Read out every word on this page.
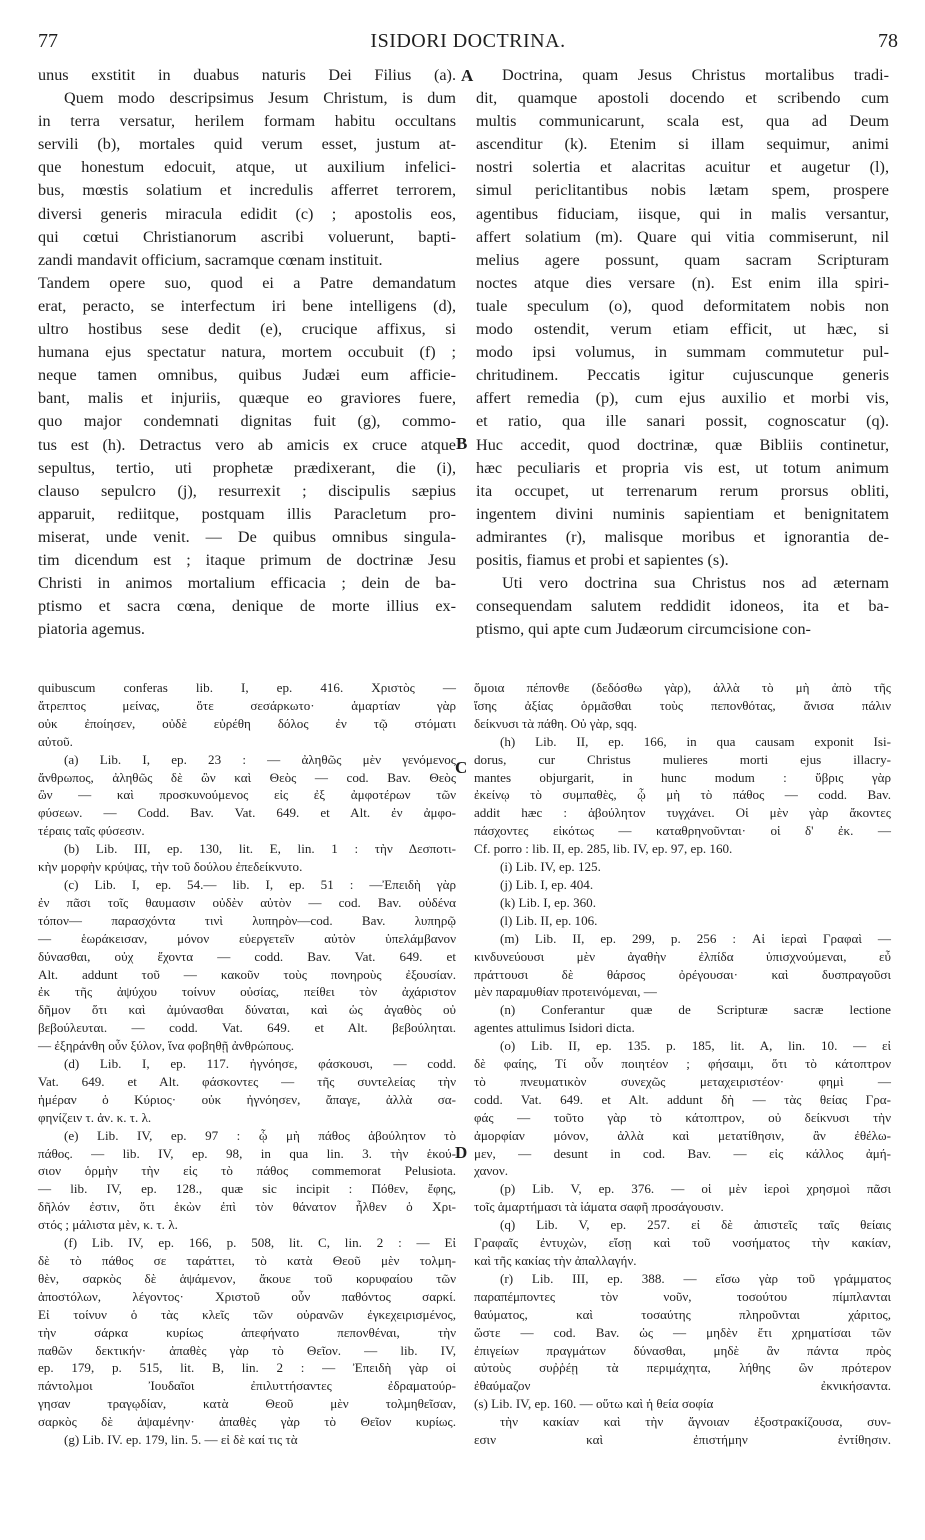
77	ISIDORI DOCTRINA.	78
A
B
C
D
unus exstitit in duabus naturis Dei Filius (a).
Quem modo descripsimus Jesum Christum, is dum
in terra versatur, herilem formam habitu occultans
servili (b), mortales quid verum esset, justum at-
que honestum edocuit, atque, ut auxilium infelici-
bus, mœstis solatium et incredulis afferret terrorem,
diversi generis miracula edidit (c) ; apostolis eos,
qui cœtui Christianorum ascribi voluerunt, bapti-
zandi mandavit officium, sacramque cœnam instituit.
Tandem opere suo, quod ei a Patre demandatum
erat, peracto, se interfectum iri bene intelligens (d),
ultro hostibus sese dedit (e), crucique affixus, si
humana ejus spectatur natura, mortem occubuit (f) ;
neque tamen omnibus, quibus Judæi eum afficie-
bant, malis et injuriis, quæque eo graviores fuere,
quo major condemnati dignitas fuit (g), commo-
tus est (h). Detractus vero ab amicis ex cruce atque
sepultus, tertio, uti prophetæ prædixerant, die (i),
clauso sepulcro (j), resurrexit ; discipulis sæpius
apparuit, rediitque, postquam illis Paracletum pro-
miserat, unde venit. — De quibus omnibus singula-
tim dicendum est ; itaque primum de doctrinæ Jesu
Christi in animos mortalium efficacia ; dein de ba-
ptismo et sacra cœna, denique de morte illius ex-
piatoria agemus.
Doctrina, quam Jesus Christus mortalibus tradi-
dit, quamque apostoli docendo et scribendo cum
multis communicarunt, scala est, qua ad Deum
ascenditur (k). Etenim si illam sequimur, animi
nostri solertia et alacritas acuitur et augetur (l),
simul periclitantibus nobis lætam spem, prospere
agentibus fiduciam, iisque, qui in malis versantur,
affert solatium (m). Quare qui vitia commiserunt, nil
melius agere possunt, quam sacram Scripturam
noctes atque dies versare (n). Est enim illa spiri-
tuale speculum (o), quod deformitatem nobis non
modo ostendit, verum etiam efficit, ut hæc, si
modo ipsi volumus, in summam commutetur pul-
chritudinem. Peccatis igitur cujuscunque generis
affert remedia (p), cum ejus auxilio et morbi vis,
et ratio, qua ille sanari possit, cognoscatur (q).
Huc accedit, quod doctrinæ, quæ Bibliis continetur,
hæc peculiaris et propria vis est, ut totum animum
ita occupet, ut terrenarum rerum prorsus obliti,
ingentem divini numinis sapientiam et benignitatem
admirantes (r), malisque moribus et ignorantia de-
positis, fiamus et probi et sapientes (s).
Uti vero doctrina sua Christus nos ad æternam
consequendam salutem reddidit idoneos, ita et ba-
ptismo, qui apte cum Judæorum circumcisione con-
quibuscum conferas lib. I, ep. 416. Χριστὸς —
ἄτρεπτος μείνας, ὅτε σεσάρκωτο· ἁμαρτίαν γὰρ
οὐκ ἐποίησεν, οὐδὲ εὑρέθη δόλος ἐν τῷ στόματι
αὐτοῦ.
(a) Lib. I, ep. 23 : — ἀληθῶς μὲν γενόμενος
ἄνθρωπος, ἀληθῶς δὲ ὢν καὶ Θεὸς — cod. Bav. Θεὸς
ὢν — καὶ προσκυνούμενος εἰς ἐξ ἀμφοτέρων τῶν
φύσεων. — Codd. Bav. Vat. 649. et Alt. ἐν ἀμφο-
τέραις ταῖς φύσεσιν.
(b) Lib. III, ep. 130, lit. E, lin. 1 : τὴν Δεσποτι-
κὴν μορφὴν κρύψας, τὴν τοῦ δούλου ἐπεδείκνυτο.
(c) Lib. I, ep. 54.— lib. I, ep. 51 : —Ἐπειδὴ γὰρ
ἐν πᾶσι τοῖς θαυμασιν οὐδὲν αὐτὸν — cod. Bav. οὐδένα
τόπον— παρασχόντα τινὶ λυπηρὸν—cod. Bav. λυπηρῷ
— ἑωράκεισαν, μόνον εὐεργετεῖν αὐτὸν ὑπελάμβανον
δύνασθαι, οὐχ ἔχοντα — codd. Bav. Vat. 649. et
Alt. addunt τοῦ — κακοῦν τοὺς πονηροὺς ἐξουσίαν.
ἐκ τῆς ἀψύχου τοίνυν οὐσίας, πείθει τὸν ἀχάριστον
δῆμον ὅτι καὶ ἀμύνασθαι δύναται, καὶ ὡς ἀγαθὸς οὐ
βεβούλευται. — codd. Vat. 649. et Alt. βεβούληται.
— ἐξηράνθη οὖν ξύλον, ἵνα φοβηθῇ ἀνθρώπους.
(d) Lib. I, ep. 117. ἠγνόησε, φάσκουσι, — codd.
Vat. 649. et Alt. φάσκοντες — τῆς συντελείας τὴν
ἡμέραν ὁ Κύριος· οὐκ ἠγνόησεν, ἄπαγε, ἀλλὰ σα-
φηνίζειν τ. ἀν. κ. τ. λ.
(e) Lib. IV, ep. 97 : ᾧ μὴ πάθος ἀβούλητον τὸ
πάθος. — lib. IV, ep. 98, in qua lin. 3. τὴν ἑκού-
σιον ὁρμὴν τὴν εἰς τὸ πάθος commemorat Pelusiota.
— lib. IV, ep. 128., quæ sic incipit : Πόθεν, ἔφης,
δῆλόν ἐστιν, ὅτι ἑκὼν ἐπὶ τὸν θάνατον ἦλθεν ὁ Χρι-
στός ; μάλιστα μὲν, κ. τ. λ.
(f) Lib. IV, ep. 166, p. 508, lit. C, lin. 2 : — Εἰ
δὲ τὸ πάθος σε ταράττει, τὸ κατὰ Θεοῦ μὲν τολμη-
θὲν, σαρκὸς δὲ ἁψάμενον, ἄκουε τοῦ κορυφαίου τῶν
ἀποστόλων, λέγοντος· Χριστοῦ οὖν παθόντος σαρκί.
Εἰ τοίνυν ὁ τὰς κλεῖς τῶν οὐρανῶν ἐγκεχειρισμένος,
τὴν σάρκα κυρίως ἀπεφήνατο πεπονθέναι, τὴν
παθῶν δεκτικήν· ἀπαθὲς γὰρ τὸ Θεῖον. — lib. IV,
ep. 179, p. 515, lit. B, lin. 2 : — Ἐπειδὴ γὰρ οἱ
πάντολμοι Ἰουδαῖοι ἐπιλυττήσαντες ἐδραματούρ-
γησαν τραγῳδίαν, κατὰ Θεοῦ μὲν τολμηθεῖσαν,
σαρκὸς δὲ ἁψαμένην· ἀπαθὲς γὰρ τὸ Θεῖον κυρίως.
(g) Lib. IV. ep. 179, lin. 5. — εἰ δὲ καί τις τὰ
ὅμοια πέπονθε (δεδόσθω γὰρ), ἀλλὰ τὸ μὴ ἀπὸ τῆς
ἴσης ἀξίας ὁρμᾶσθαι τοὺς πεπονθότας, ἄνισα πάλιν
δείκνυσι τὰ πάθη. Οὐ γὰρ, sqq.
(h) Lib. II, ep. 166, in qua causam exponit Isi-
dorus, cur Christus mulieres morti ejus illacry-
mantes objurgarit, in hunc modum : ὕβρις γὰρ
ἐκείνῳ τὸ συμπαθὲς, ᾧ μὴ τὸ πάθος — codd. Bav.
addit hæc : ἀβούλητον τυγχάνει. Οἱ μὲν γὰρ ἄκοντες
πάσχοντες εἰκότως — καταθρηνοῦνται· οἱ δ' ἐκ. —
Cf. porro : lib. II, ep. 285, lib. IV, ep. 97, ep. 160.
(i) Lib. IV, ep. 125.
(j) Lib. I, ep. 404.
(k) Lib. I, ep. 360.
(l) Lib. II, ep. 106.
(m) Lib. II, ep. 299, p. 256 : Αἱ ἱεραὶ Γραφαὶ —
κινδυνεύουσι μὲν ἀγαθὴν ἐλπίδα ὑπισχνούμεναι, εὖ
πράττουσι δὲ θάρσος ὀρέγουσαι· καὶ δυσπραγοῦσι
μὲν παραμυθίαν προτεινόμεναι, —
(n) Conferantur quæ de Scripturæ sacræ lectione
agentes attulimus Isidori dicta.
(o) Lib. II, ep. 135. p. 185, lit. A, lin. 10. — εἰ
δὲ φαίης, Τί οὖν ποιητέον ; φήσαιμι, ὅτι τὸ κάτοπτρον
τὸ πνευματικὸν συνεχῶς μεταχειριστέον· φημὶ —
codd. Vat. 649. et Alt. addunt δὴ — τὰς θείας Γρα-
φάς — τοῦτο γὰρ τὸ κάτοπτρον, οὐ δείκνυσι τὴν
ἀμορφίαν μόνον, ἀλλὰ καὶ μετατίθησιν, ἂν ἐθέλω-
μεν, — desunt in cod. Bav. — εἰς κάλλος ἀμή-
χανον.
(p) Lib. V, ep. 376. — οἱ μὲν ἱεροὶ χρησμοὶ πᾶσι
τοῖς ἁμαρτήμασι τὰ ἰάματα σαφῆ προσάγουσιν.
(q) Lib. V, ep. 257. εἰ δὲ ἀπιστεῖς ταῖς θείαις
Γραφαῖς ἐντυχὼν, εἴσῃ καὶ τοῦ νοσήματος τὴν κακίαν,
καὶ τῆς κακίας τὴν ἀπαλλαγήν.
(r) Lib. III, ep. 388. — εἴσω γὰρ τοῦ γράμματος
παραπέμποντες τὸν νοῦν, τοσούτου πίμπλανται
θαύματος, καὶ τοσαύτης πληροῦνται χάριτος,
ὥστε — cod. Bav. ὡς — μηδὲν ἔτι χρηματίσαι τῶν
ἐπιγείων πραγμάτων δύνασθαι, μηδὲ ἂν πάντα πρὸς
αὐτοὺς συῤῥέῃ τὰ περιμάχητα, λήθης ὢν πρότερον
ἐθαύμαζον ἐκνικήσαντα.
(s) Lib. IV, ep. 160. — οὕτω καὶ ἡ θεία σοφία
τὴν κακίαν καὶ τὴν ἄγνοιαν ἐξοστρακίζουσα, συν-
εσιν καὶ ἐπιστήμην ἐντίθησιν.
